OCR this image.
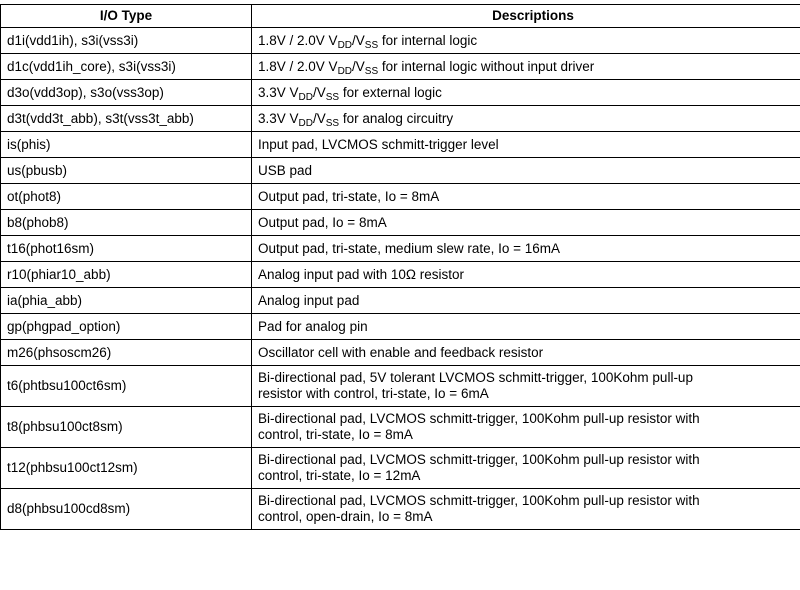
I/O Type	Descriptions
d1i(vdd1ih), s3i(vss3i)	1.8V / 2.0V $V_{DD}/V_{SS}$ for internal logic
d1c(vdd1ih_core), s3i(vss3i)	1.8V / 2.0V $V_{DD}/V_{SS}$ for internal logic without input driver
d3o(vdd3op), s3o(vss3op)	3.3V $V_{DD}/V_{SS}$ for external logic
d3t(vdd3t_abb), s3t(vss3t_abb)	3.3V $V_{DD}/V_{SS}$ for analog circuitry
is(phis)	Input pad, LVCMOS schmitt-trigger level
us(pbusb)	USB pad
ot(phot8)	Output pad, tri-state, Io = 8mA
b8(phob8)	Output pad, Io = 8mA
t16(phot16sm)	Output pad, tri-state, medium slew rate, Io = 16mA
r10(phiar10_abb)	Analog input pad with 10Ω resistor
ia(phia_abb)	Analog input pad
gp(phgpad_option)	Pad for analog pin
m26(phsoscm26)	Oscillator cell with enable and feedback resistor
t6(phtbsu100ct6sm)	Bi-directional pad, 5V tolerant LVCMOS schmitt-trigger, 100Kohm pull-up
resistor with control, tri-state, Io = 6mA
t8(phbsu100ct8sm)	Bi-directional pad, LVCMOS schmitt-trigger, 100Kohm pull-up resistor with
control, tri-state, Io = 8mA
t12(phbsu100ct12sm)	Bi-directional pad, LVCMOS schmitt-trigger, 100Kohm pull-up resistor with
control, tri-state, Io = 12mA
d8(phbsu100cd8sm)	Bi-directional pad, LVCMOS schmitt-trigger, 100Kohm pull-up resistor with
control, open-drain, Io = 8mA
